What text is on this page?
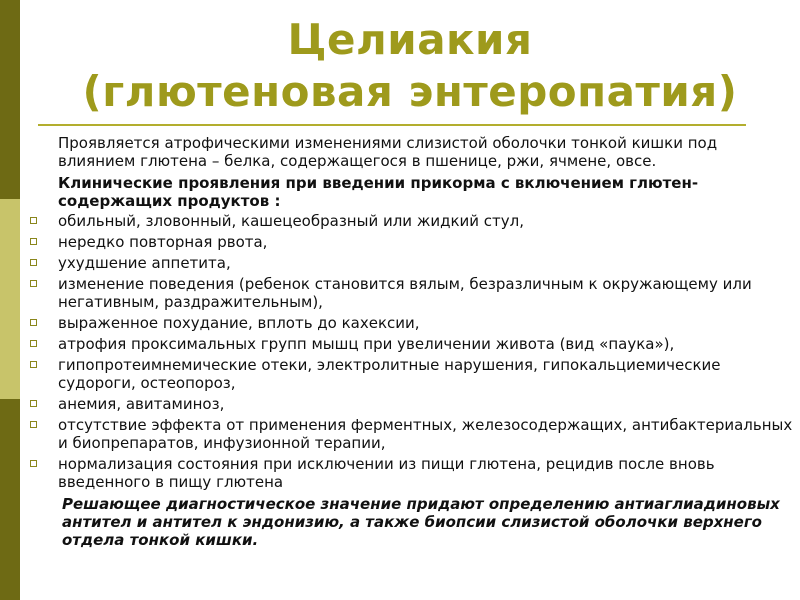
Целиакия
(глютеновая энтеропатия)

Проявляется атрофическими изменениями слизистой оболочки тонкой кишки под влиянием глютена – белка, содержащегося в пшенице, ржи, ячмене, овсе.

Клинические проявления при введении прикорма с включением глютен-содержащих продуктов :

обильный, зловонный, кашецеобразный или жидкий стул,
нередко повторная рвота,
ухудшение аппетита,
изменение поведения (ребенок становится вялым, безразличным к окружающему или негативным, раздражительным),
выраженное похудание, вплоть до кахексии,
атрофия проксимальных групп мышц при увеличении живота (вид «паука»),
гипопротеимнемические отеки, электролитные нарушения, гипокальциемические судороги, остеопороз,
анемия, авитаминоз,
отсутствие эффекта от применения ферментных, железосодержащих, антибактериальных и биопрепаратов, инфузионной терапии,
нормализация состояния при исключении из пищи глютена, рецидив после вновь введенного в пищу глютена

Решающее диагностическое значение придают определению антиаглиадиновых антител и антител к эндонизию, а также биопсии слизистой оболочки верхнего отдела тонкой кишки.
